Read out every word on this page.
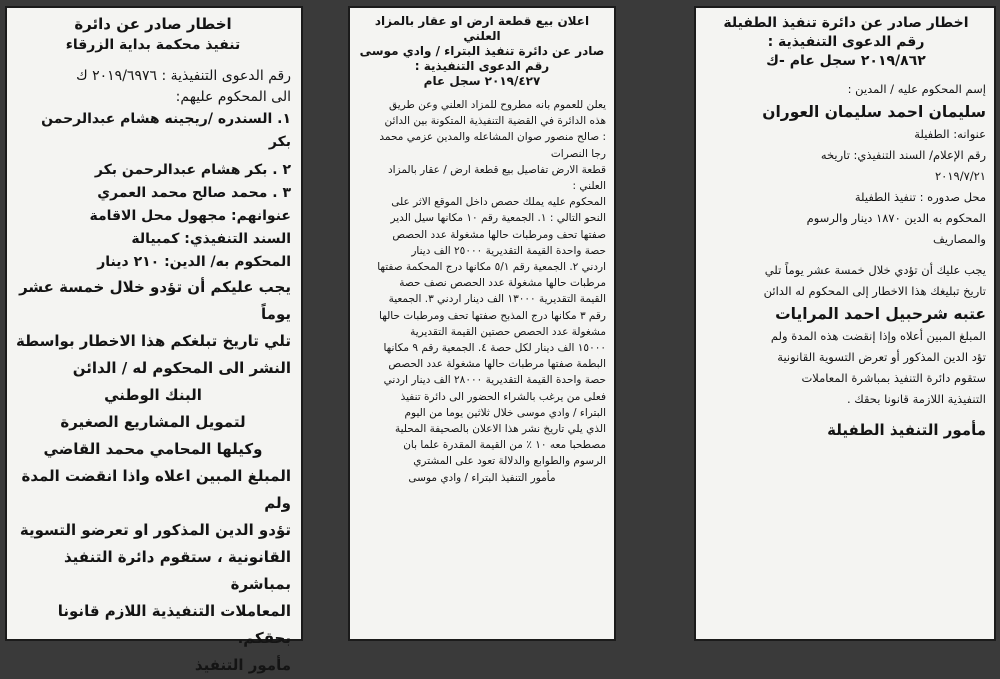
اخطار صادر عن دائرة
تنفيذ محكمة بداية الزرقاء
رقم الدعوى التنفيذية : ٢٠١٩/٦٩٧٦ ك
الى المحكوم عليهم:
١. السندره /ريجينه هشام عبدالرحمن
بكر
٢ . بكر هشام عبدالرحمن بكر
٣ . محمد صالح محمد العمري
عنوانهم: مجهول محل الاقامة
السند التنفيذي: كمبيالة
المحكوم به/ الدين: ٢١٠ دينار
يجب عليكم أن تؤدو خلال خمسة عشر يوماً
تلي تاريخ تبلغكم هذا الاخطار بواسطة
النشر الى المحكوم له / الدائن
البنك الوطني
لتمويل المشاريع الصغيرة
وكيلها المحامي محمد القاضي
المبلغ المبين اعلاه واذا انقضت المدة ولم
تؤدو الدين المذكور او تعرضو التسوية
القانونية ، ستقوم دائرة التنفيذ بمباشرة
المعاملات التنفيذية اللازم قانونا بحقكم.
مأمور التنفيذ
اعلان بيع قطعة ارض او عقار بالمزاد العلني
صادر عن دائرة تنفيذ البتراء / وادي موسى
رقم الدعوى التنفيذية :
٢٠١٩/٤٢٧ سجل عام
يعلن للعموم بانه مطروح للمزاد العلني وعن طريق
هذه الدائرة في القضية التنفيذية المتكونة بين الدائن
: صالح منصور صوان المشاعله والمدين عزمي محمد
رجا النصرات
قطعة الارض تفاصيل بيع قطعة ارض / عقار بالمزاد
العلني :
المحكوم عليه يملك حصص داخل الموقع الاثر على
النحو التالي : ١. الجمعية رقم ١٠ مكانها سيل الدير
صفتها تحف ومرطبات حالها مشغولة عدد الحصص
حصة واحدة القيمة التقديرية ٢٥٠٠٠ الف دينار
اردني ٢. الجمعية رقم ٥/١ مكانها درج المحكمة صفتها
مرطبات حالها مشغولة عدد الحصص نصف حصة
القيمة التقديرية ١٣٠٠٠ الف دينار اردني ٣. الجمعية
رقم ٣ مكانها درج المذبح صفتها تحف ومرطبات حالها
مشغولة عدد الحصص حصتين القيمة التقديرية
١٥٠٠٠ الف دينار لكل حصة ٤. الجمعية رقم ٩ مكانها
البطمة صفتها مرطبات حالها مشغولة عدد الحصص
حصة واحدة القيمة التقديرية ٢٨٠٠٠ الف دينار اردني
فعلى من يرغب بالشراء الحضور الى دائرة تنفيذ
البتراء / وادي موسى خلال ثلاثين يوما من اليوم
الذي يلي تاريخ نشر هذا الاعلان بالصحيفة المحلية
مصطحبا معه ١٠ ٪ من القيمة المقدرة علما بان
الرسوم والطوابع والدلالة تعود على المشتري
مأمور التنفيذ البتراء / وادي موسى
اخطار صادر عن دائرة تنفيذ الطفيلة
رقم الدعوى التنفيذية :
٢٠١٩/٨٦٢ سجل عام -ك
إسم المحكوم عليه / المدين :
سليمان احمد سليمان العوران
عنوانه: الطفيلة
رقم الإعلام/ السند التنفيذي: تاريخه
٢٠١٩/٧/٢١
محل صدوره : تنفيذ الطفيلة
المحكوم به الدين ١٨٧٠ دينار والرسوم
والمصاريف
يجب عليك أن تؤدي خلال خمسة عشر يوماً تلي
تاريخ تبليغك هذا الاخطار إلى المحكوم له الدائن
عتبه شرحبيل احمد المرايات
المبلغ المبين أعلاه وإذا إنقضت هذه المدة ولم
تؤد الدين المذكور أو تعرض التسوية القانونية
ستقوم دائرة التنفيذ بمباشرة المعاملات
التنفيذية اللازمة قانونا بحقك .
مأمور التنفيذ الطفيلة
